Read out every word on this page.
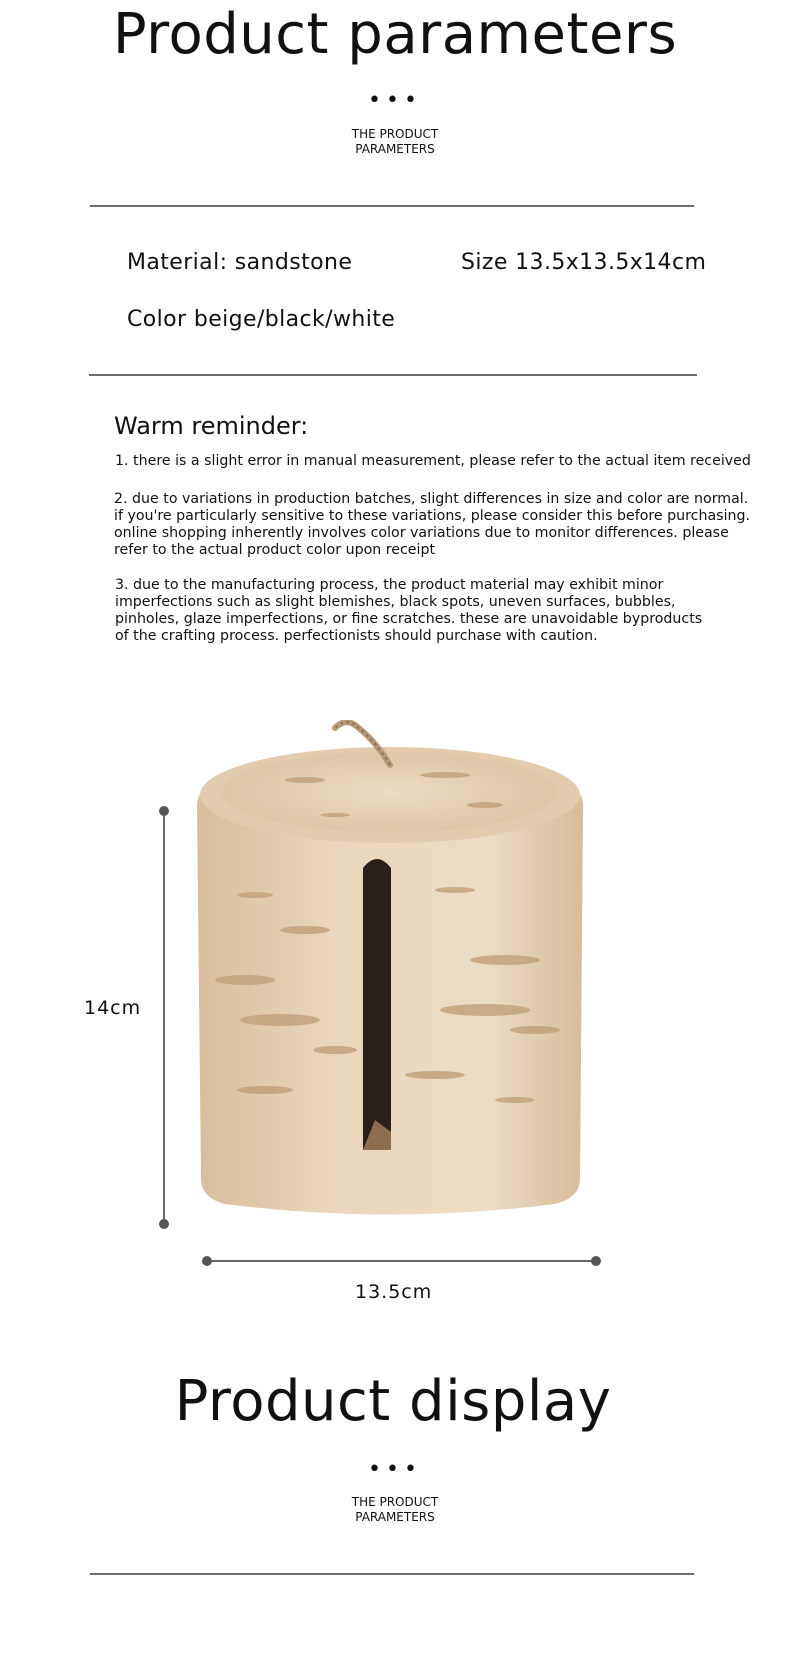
Product parameters
•••
THE PRODUCT
PARAMETERS
Material: sandstone	Size 13.5x13.5x14cm
Color beige/black/white
Warm reminder:
1. there is a slight error in manual measurement, please refer to the actual item received
2. due to variations in production batches, slight differences in size and color are normal. if you're particularly sensitive to these variations, please consider this before purchasing. online shopping inherently involves color variations due to monitor differences. please refer to the actual product color upon receipt
3. due to the manufacturing process, the product material may exhibit minor imperfections such as slight blemishes, black spots, uneven surfaces, bubbles, pinholes, glaze imperfections, or fine scratches. these are unavoidable byproducts of the crafting process. perfectionists should purchase with caution.
14cm
13.5cm
Product display
•••
THE PRODUCT
PARAMETERS
